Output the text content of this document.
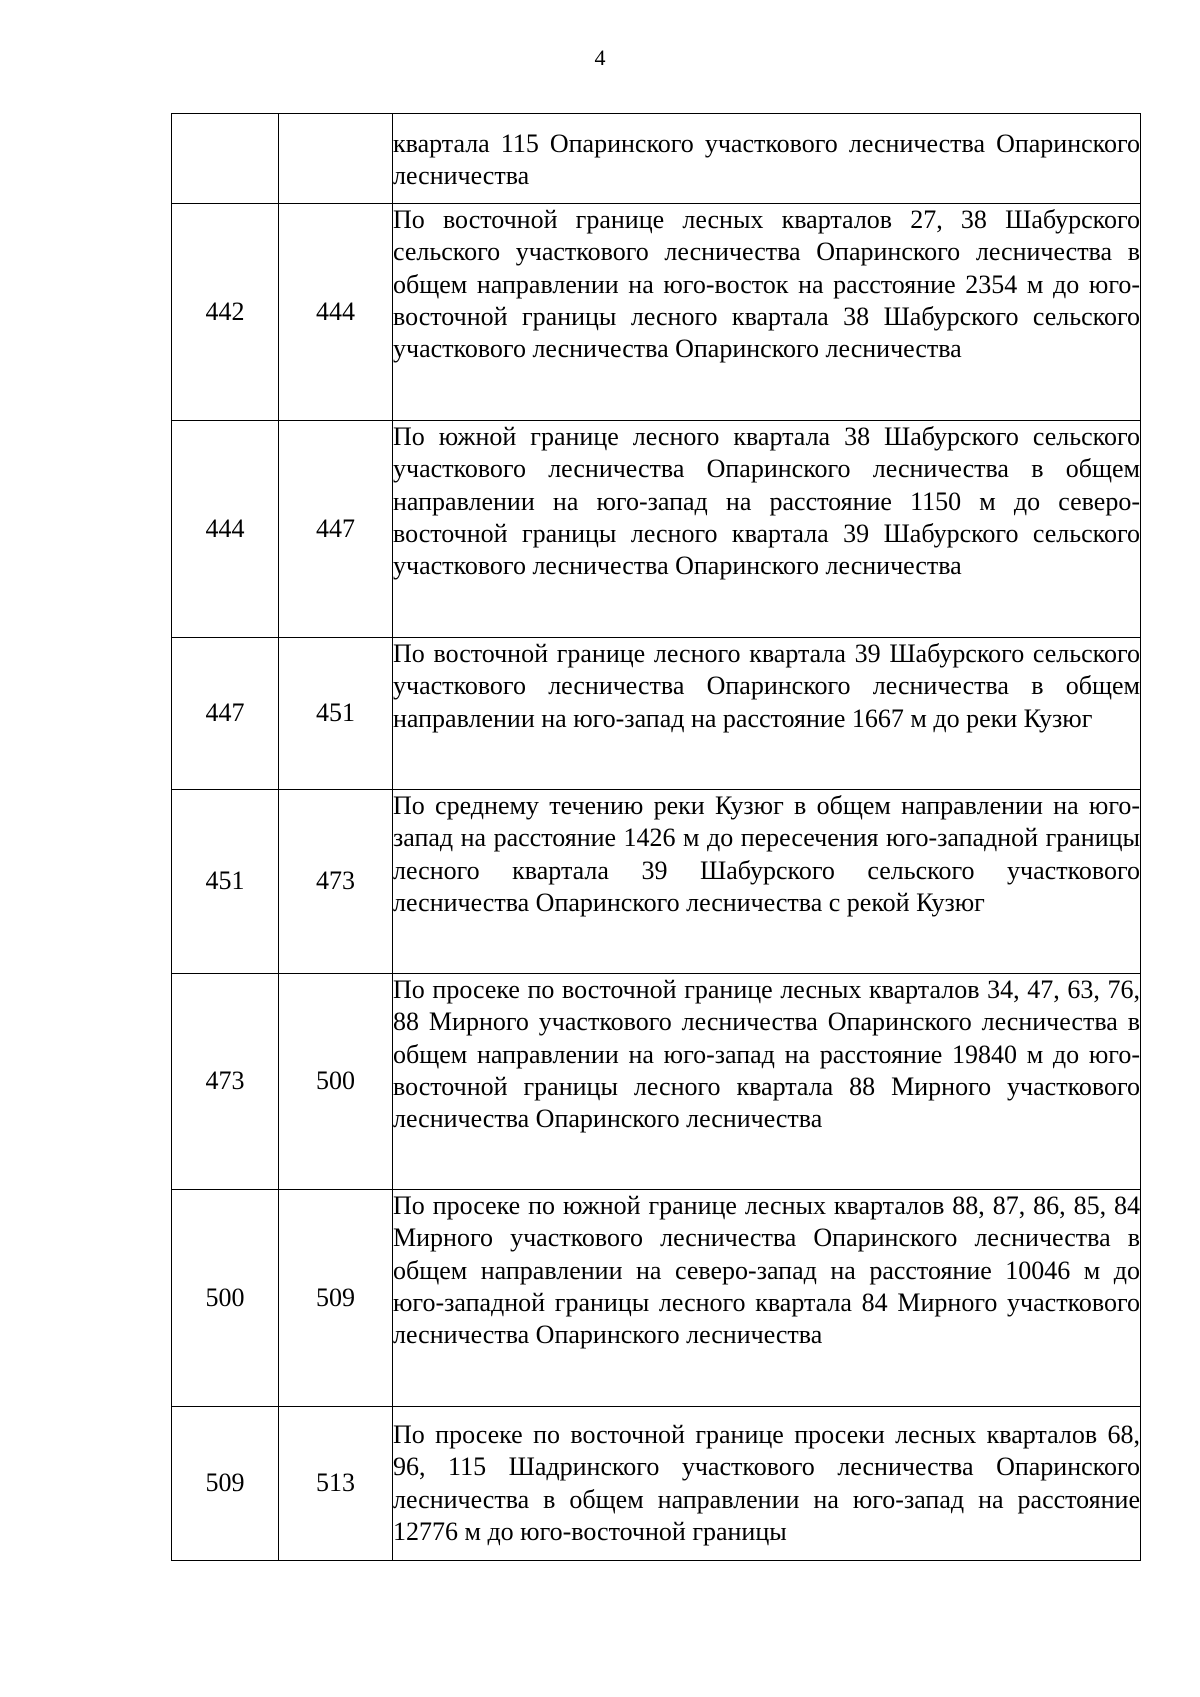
4
		квартала 115 Опаринского участкового лесничества Опаринского лесничества
442	444	По восточной границе лесных кварталов 27, 38 Шабурского сельского участкового лесничества Опаринского лесничества в общем направлении на юго-восток на расстояние 2354 м до юго-восточной границы лесного квартала 38 Шабурского сельского участкового лесничества Опаринского лесничества
444	447	По южной границе лесного квартала 38 Шабурского сельского участкового лесничества Опаринского лесничества в общем направлении на юго-запад на расстояние 1150 м до северо-восточной границы лесного квартала 39 Шабурского сельского участкового лесничества Опаринского лесничества
447	451	По восточной границе лесного квартала 39 Шабурского сельского участкового лесничества Опаринского лесничества в общем направлении на юго-запад на расстояние 1667 м до реки Кузюг
451	473	По среднему течению реки Кузюг в общем направлении на юго-запад на расстояние 1426 м до пересечения юго-западной границы лесного квартала 39 Шабурского сельского участкового лесничества Опаринского лесничества с рекой Кузюг
473	500	По просеке по восточной границе лесных кварталов 34, 47, 63, 76, 88 Мирного участкового лесничества Опаринского лесничества в общем направлении на юго-запад на расстояние 19840 м до юго-восточной границы лесного квартала 88 Мирного участкового лесничества Опаринского лесничества
500	509	По просеке по южной границе лесных кварталов 88, 87, 86, 85, 84 Мирного участкового лесничества Опаринского лесничества в общем направлении на северо-запад на расстояние 10046 м до юго-западной границы лесного квартала 84 Мирного участкового лесничества Опаринского лесничества
509	513	По просеке по восточной границе просеки лесных кварталов 68, 96, 115 Шадринского участкового лесничества Опаринского лесничества в общем направлении на юго-запад на расстояние 12776 м до юго-восточной границы
